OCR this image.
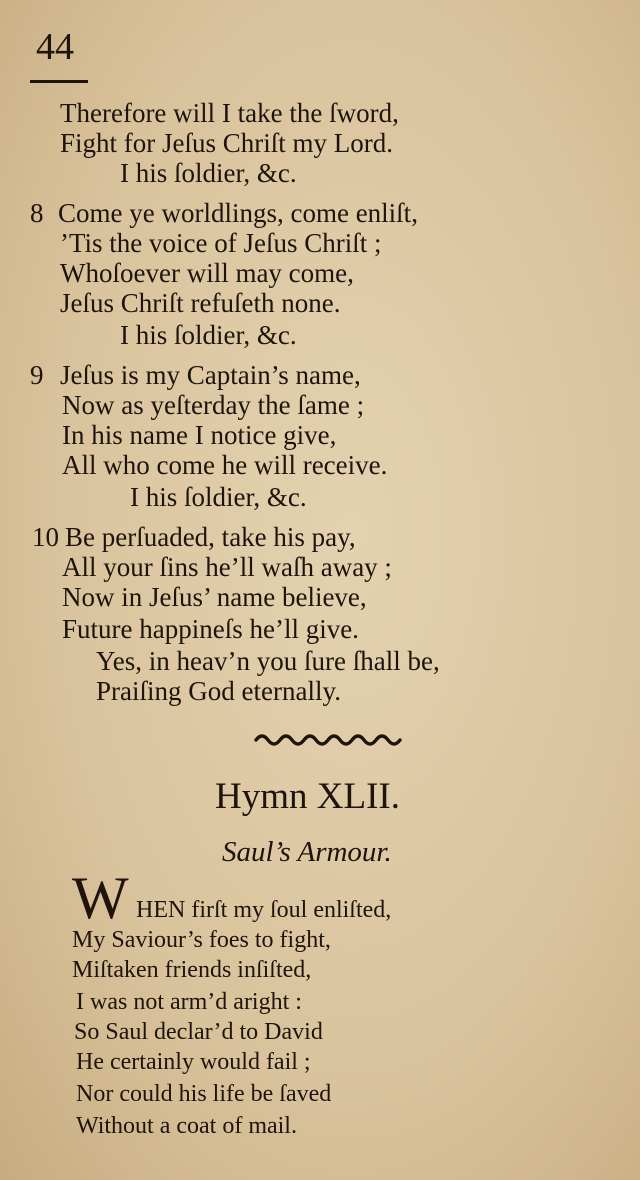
44
Therefore will I take the ſword,
Fight for Jeſus Chriſt my Lord.
I his ſoldier, &c.
8 Come ye worldlings, come enliſt,
’Tis the voice of Jeſus Chriſt ;
Whoſoever will may come,
Jeſus Chriſt refuſeth none.
I his ſoldier, &c.
9 Jeſus is my Captain’s name,
Now as yeſterday the ſame ;
In his name I notice give,
All who come he will receive.
I his ſoldier, &c.
10 Be perſuaded, take his pay,
All your ſins he’ll waſh away ;
Now in Jeſus’ name believe,
Future happineſs he’ll give.
Yes, in heav’n you ſure ſhall be,
Praiſing God eternally.
Hymn XLII.
Saul’s Armour.
W HEN firſt my ſoul enliſted,
My Saviour’s foes to fight,
Miſtaken friends inſiſted,
I was not arm’d aright :
So Saul declar’d to David
He certainly would fail ;
Nor could his life be ſaved
Without a coat of mail.
